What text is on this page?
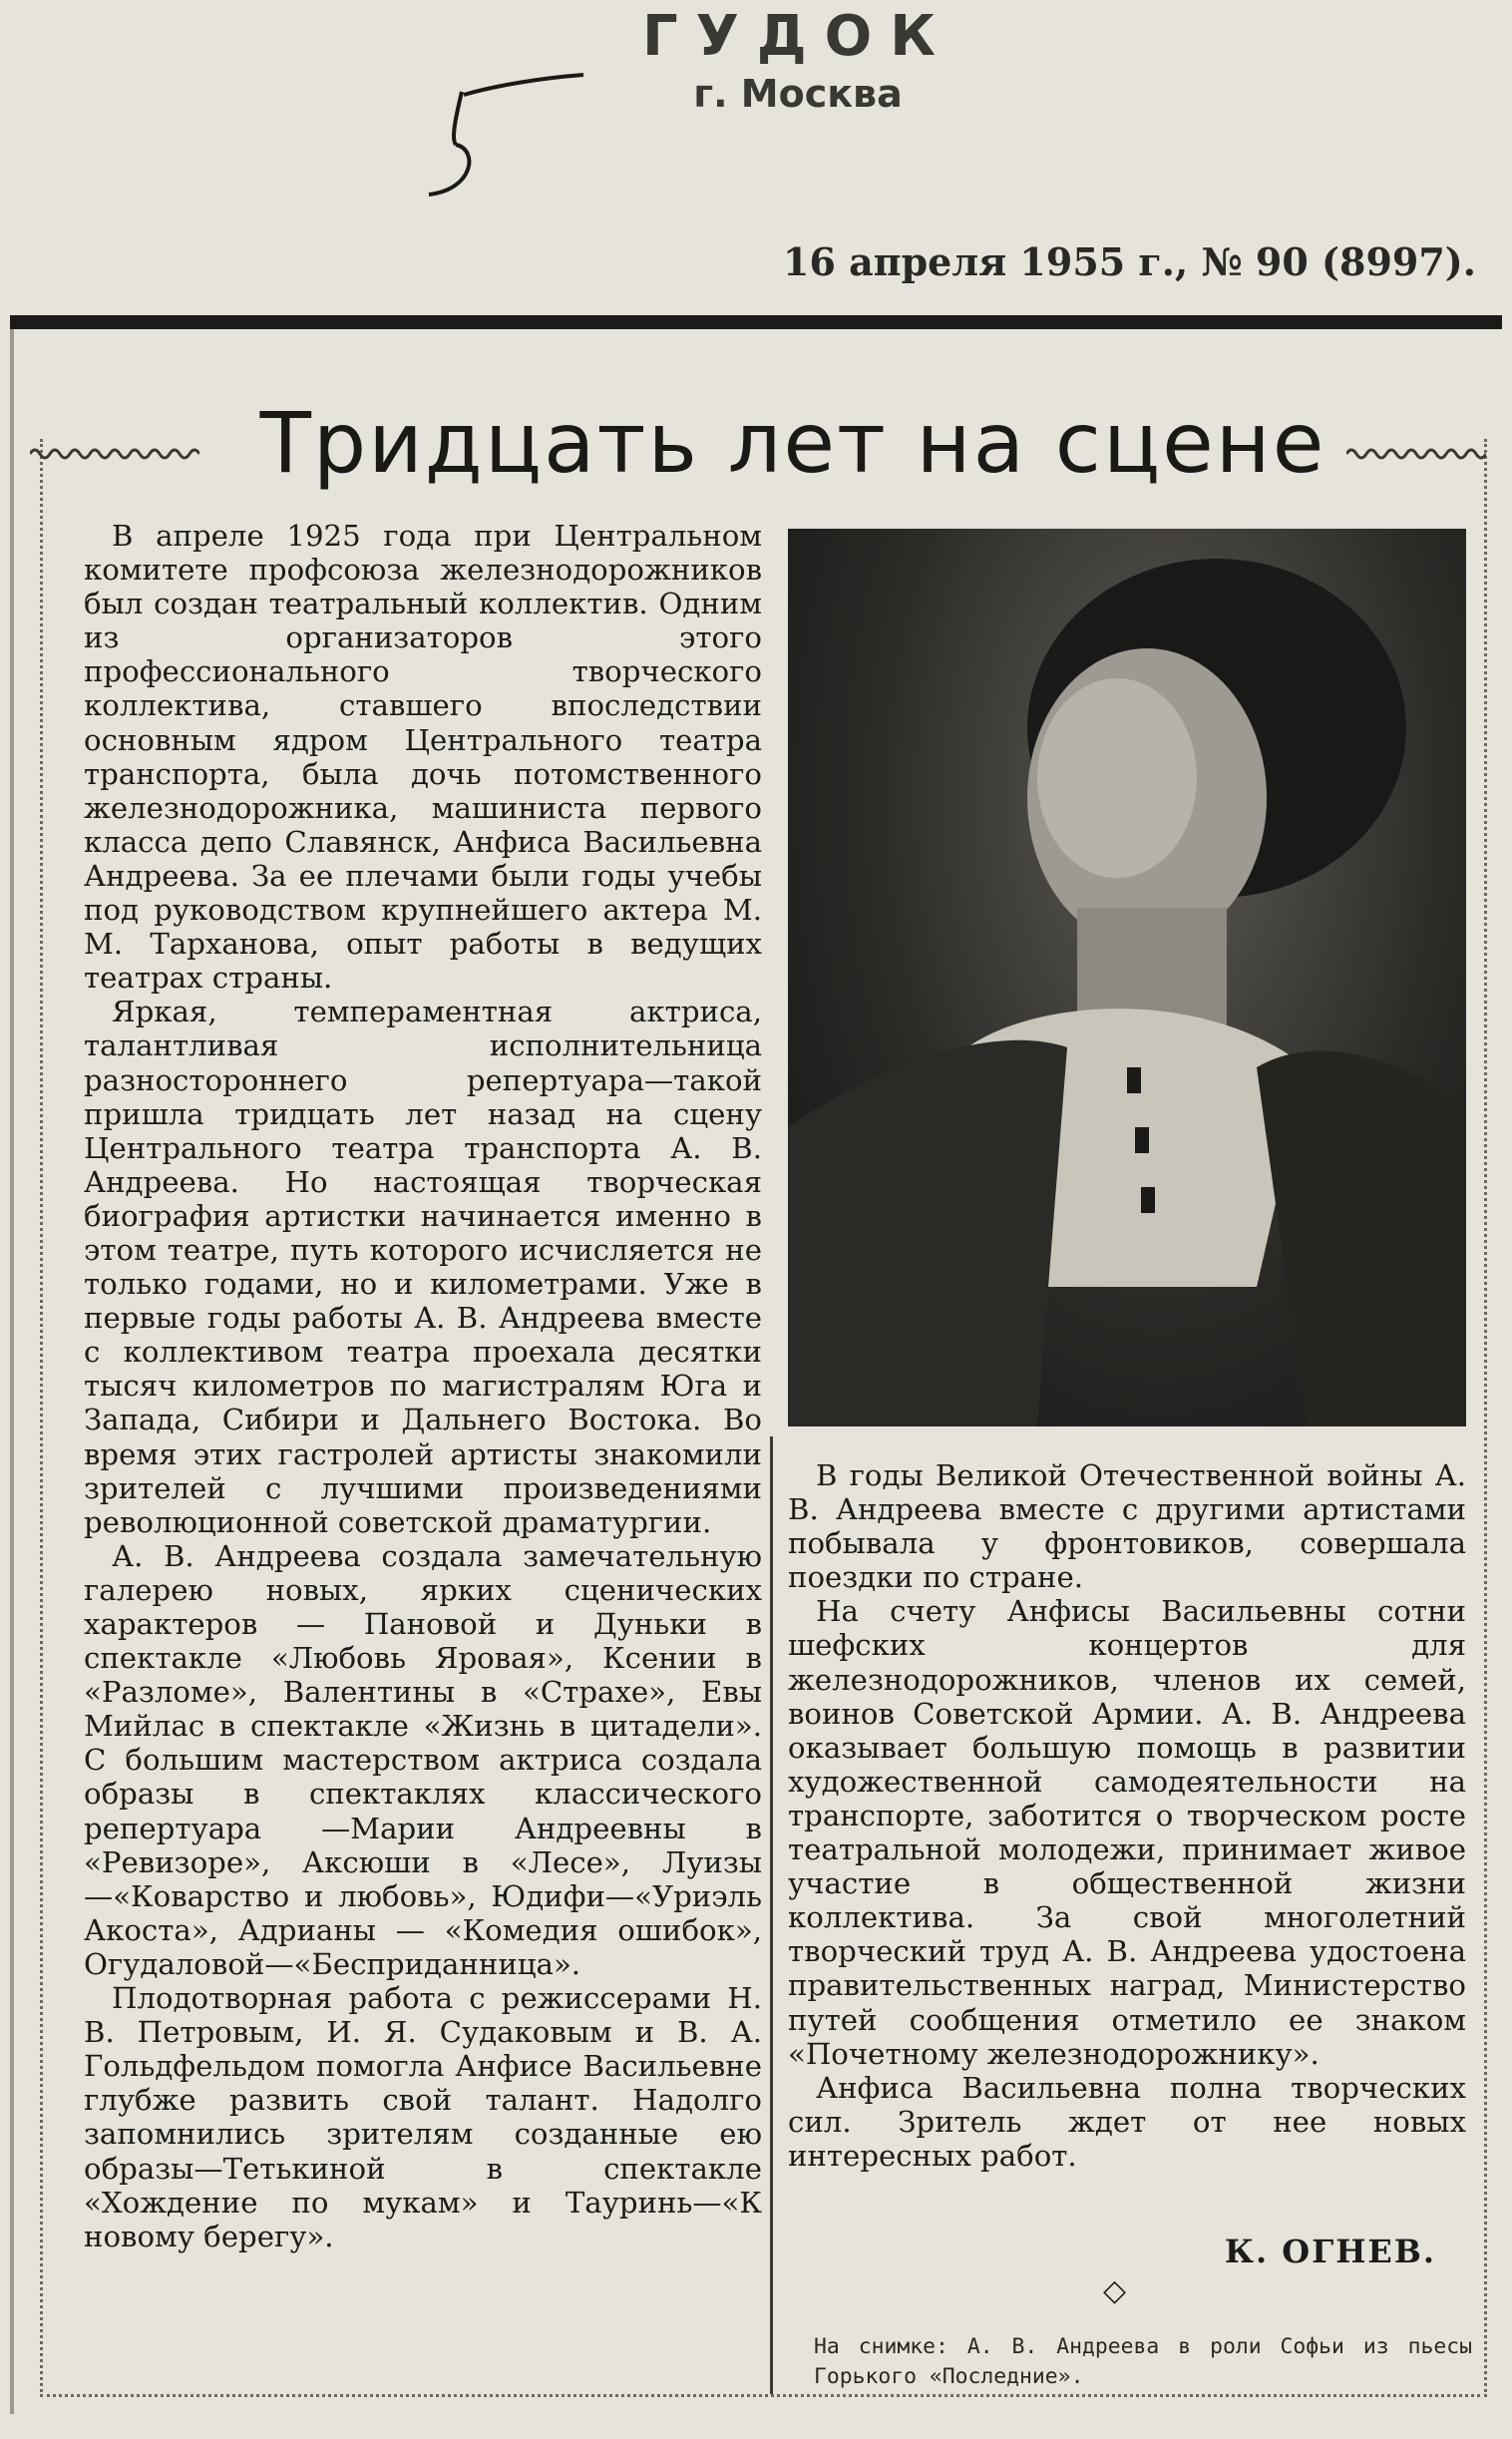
ГУДОК
г. Москва
16 апреля 1955 г., № 90 (8997).
Тридцать лет на сцене

В апреле 1925 года при Центральном комитете профсоюза железнодорожников был создан театральный коллектив. Одним из организаторов этого профессионального творческого коллектива, ставшего впоследствии основным ядром Центрального театра транспорта, была дочь потомственного железнодорожника, машиниста первого класса депо Славянск, Анфиса Васильевна Андреева. За ее плечами были годы учебы под руководством крупнейшего актера М. М. Тарханова, опыт работы в ведущих театрах страны.

Яркая, темпераментная актриса, талантливая исполнительница разностороннего репертуара—такой пришла тридцать лет назад на сцену Центрального театра транспорта А. В. Андреева. Но настоящая творческая биография артистки начинается именно в этом театре, путь которого исчисляется не только годами, но и километрами. Уже в первые годы работы А. В. Андреева вместе с коллективом театра проехала десятки тысяч километров по магистралям Юга и Запада, Сибири и Дальнего Востока. Во время этих гастролей артисты знакомили зрителей с лучшими произведениями революционной советской драматургии.

А. В. Андреева создала замечательную галерею новых, ярких сценических характеров — Пановой и Дуньки в спектакле «Любовь Яровая», Ксении в «Разломе», Валентины в «Страхе», Евы Мийлас в спектакле «Жизнь в цитадели». С большим мастерством актриса создала образы в спектаклях классического репертуара —Марии Андреевны в «Ревизоре», Аксюши в «Лесе», Луизы—«Коварство и любовь», Юдифи—«Уриэль Акоста», Адрианы — «Комедия ошибок», Огудаловой—«Бесприданница».

Плодотворная работа с режиссерами Н. В. Петровым, И. Я. Судаковым и В. А. Гольдфельдом помогла Анфисе Васильевне глубже развить свой талант. Надолго запомнились зрителям созданные ею образы—Тетькиной в спектакле «Хождение по мукам» и Тауринь—«К новому берегу».

В годы Великой Отечественной войны А. В. Андреева вместе с другими артистами побывала у фронтовиков, совершала поездки по стране.

На счету Анфисы Васильевны сотни шефских концертов для железнодорожников, членов их семей, воинов Советской Армии. А. В. Андреева оказывает большую помощь в развитии художественной самодеятельности на транспорте, заботится о творческом росте театральной молодежи, принимает живое участие в общественной жизни коллектива. За свой многолетний творческий труд А. В. Андреева удостоена правительственных наград, Министерство путей сообщения отметило ее знаком «Почетному железнодорожнику».

Анфиса Васильевна полна творческих сил. Зритель ждет от нее новых интересных работ.

К. ОГНЕВ.
◇
На снимке: А. В. Андреева в роли Софьи из пьесы Горького «Последние».
